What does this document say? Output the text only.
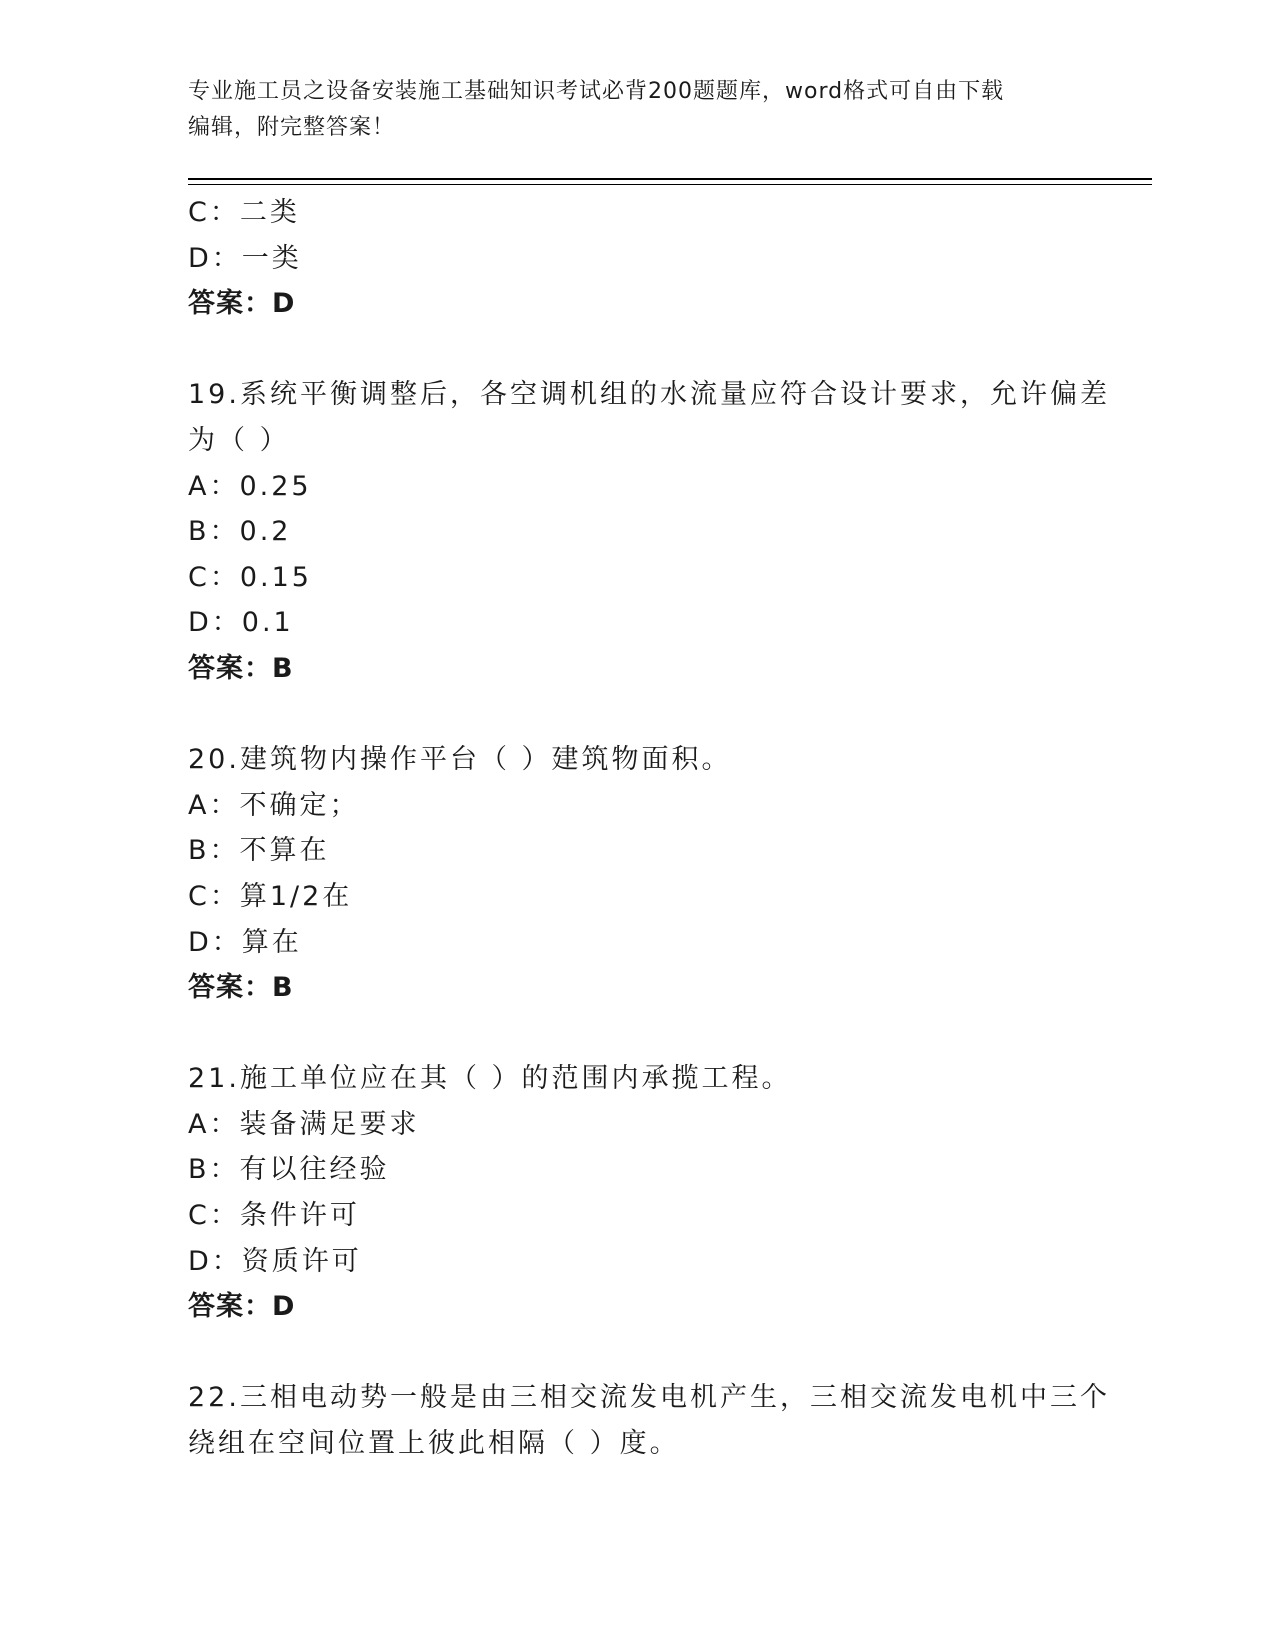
专业施工员之设备安装施工基础知识考试必背200题题库，word格式可自由下载
编辑，附完整答案！
C：二类
D：一类
答案：D
19.系统平衡调整后，各空调机组的水流量应符合设计要求，允许偏差
为（ ）
A：0.25
B：0.2
C：0.15
D：0.1
答案：B
20.建筑物内操作平台（ ）建筑物面积。
A：不确定；
B：不算在
C：算1/2在
D：算在
答案：B
21.施工单位应在其（ ）的范围内承揽工程。
A：装备满足要求
B：有以往经验
C：条件许可
D：资质许可
答案：D
22.三相电动势一般是由三相交流发电机产生，三相交流发电机中三个
绕组在空间位置上彼此相隔（ ）度。
